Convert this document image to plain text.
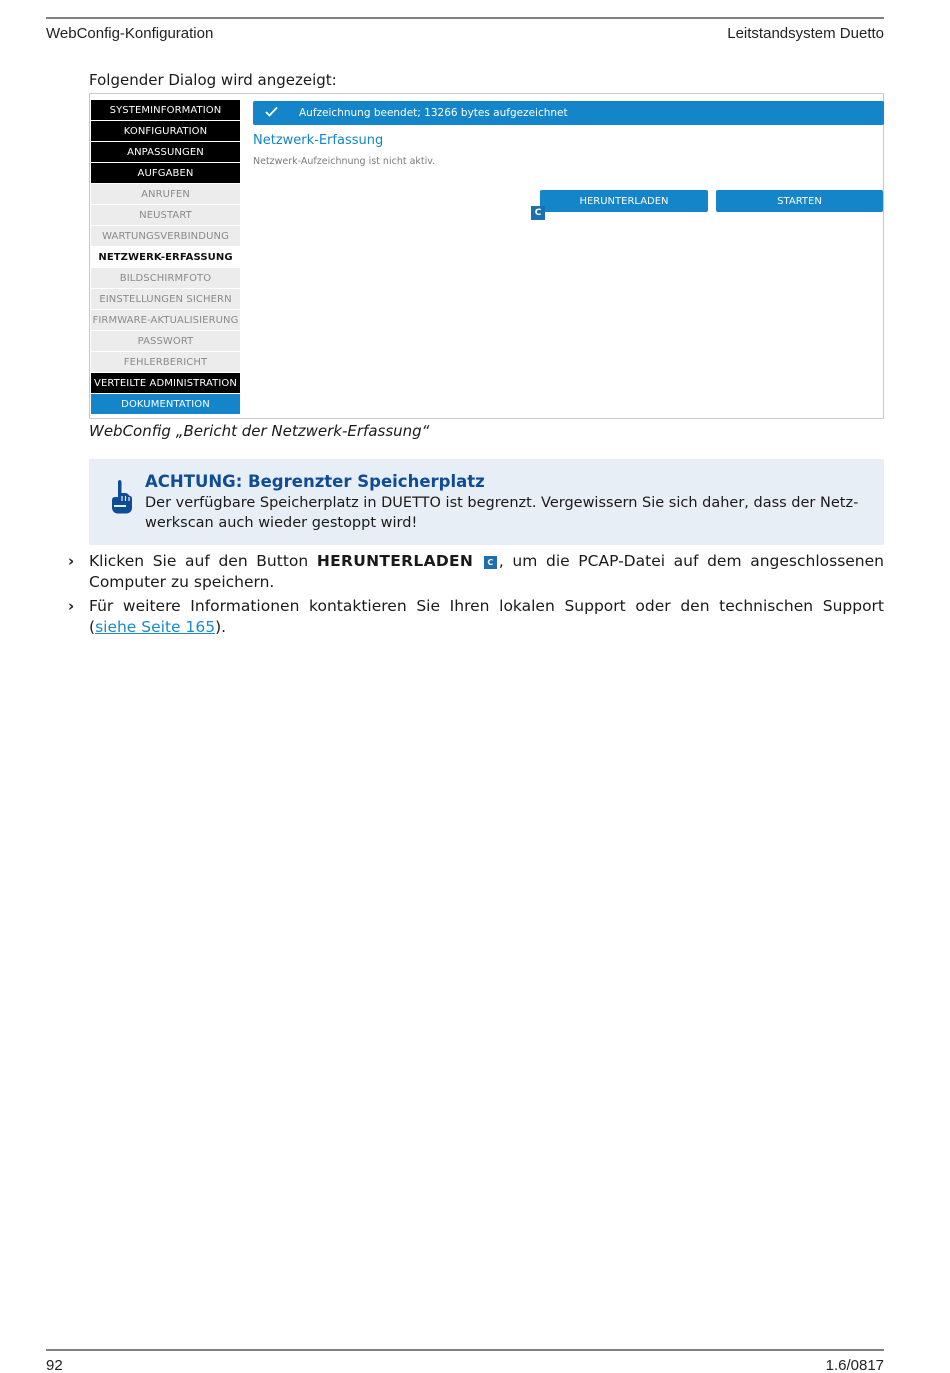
WebConfig-Konfiguration	Leitstandsystem Duetto
Folgender Dialog wird angezeigt:
SYSTEMINFORMATION
KONFIGURATION
ANPASSUNGEN
AUFGABEN
ANRUFEN
NEUSTART
WARTUNGSVERBINDUNG
NETZWERK-ERFASSUNG
BILDSCHIRMFOTO
EINSTELLUNGEN SICHERN
FIRMWARE-AKTUALISIERUNG
PASSWORT
FEHLERBERICHT
VERTEILTE ADMINISTRATION
DOKUMENTATION
Aufzeichnung beendet; 13266 bytes aufgezeichnet
Netzwerk-Erfassung
Netzwerk-Aufzeichnung ist nicht aktiv.
HERUNTERLADEN	STARTEN
C
WebConfig „Bericht der Netzwerk-Erfassung“
ACHTUNG: Begrenzter Speicherplatz
Der verfügbare Speicherplatz in DUETTO ist begrenzt. Vergewissern Sie sich daher, dass der Netz-
werkscan auch wieder gestoppt wird!
› Klicken Sie auf den Button HERUNTERLADEN C , um die PCAP-Datei auf dem angeschlossenen Computer zu speichern.
› Für weitere Informationen kontaktieren Sie Ihren lokalen Support oder den technischen Support (siehe Seite 165).
92	1.6/0817
